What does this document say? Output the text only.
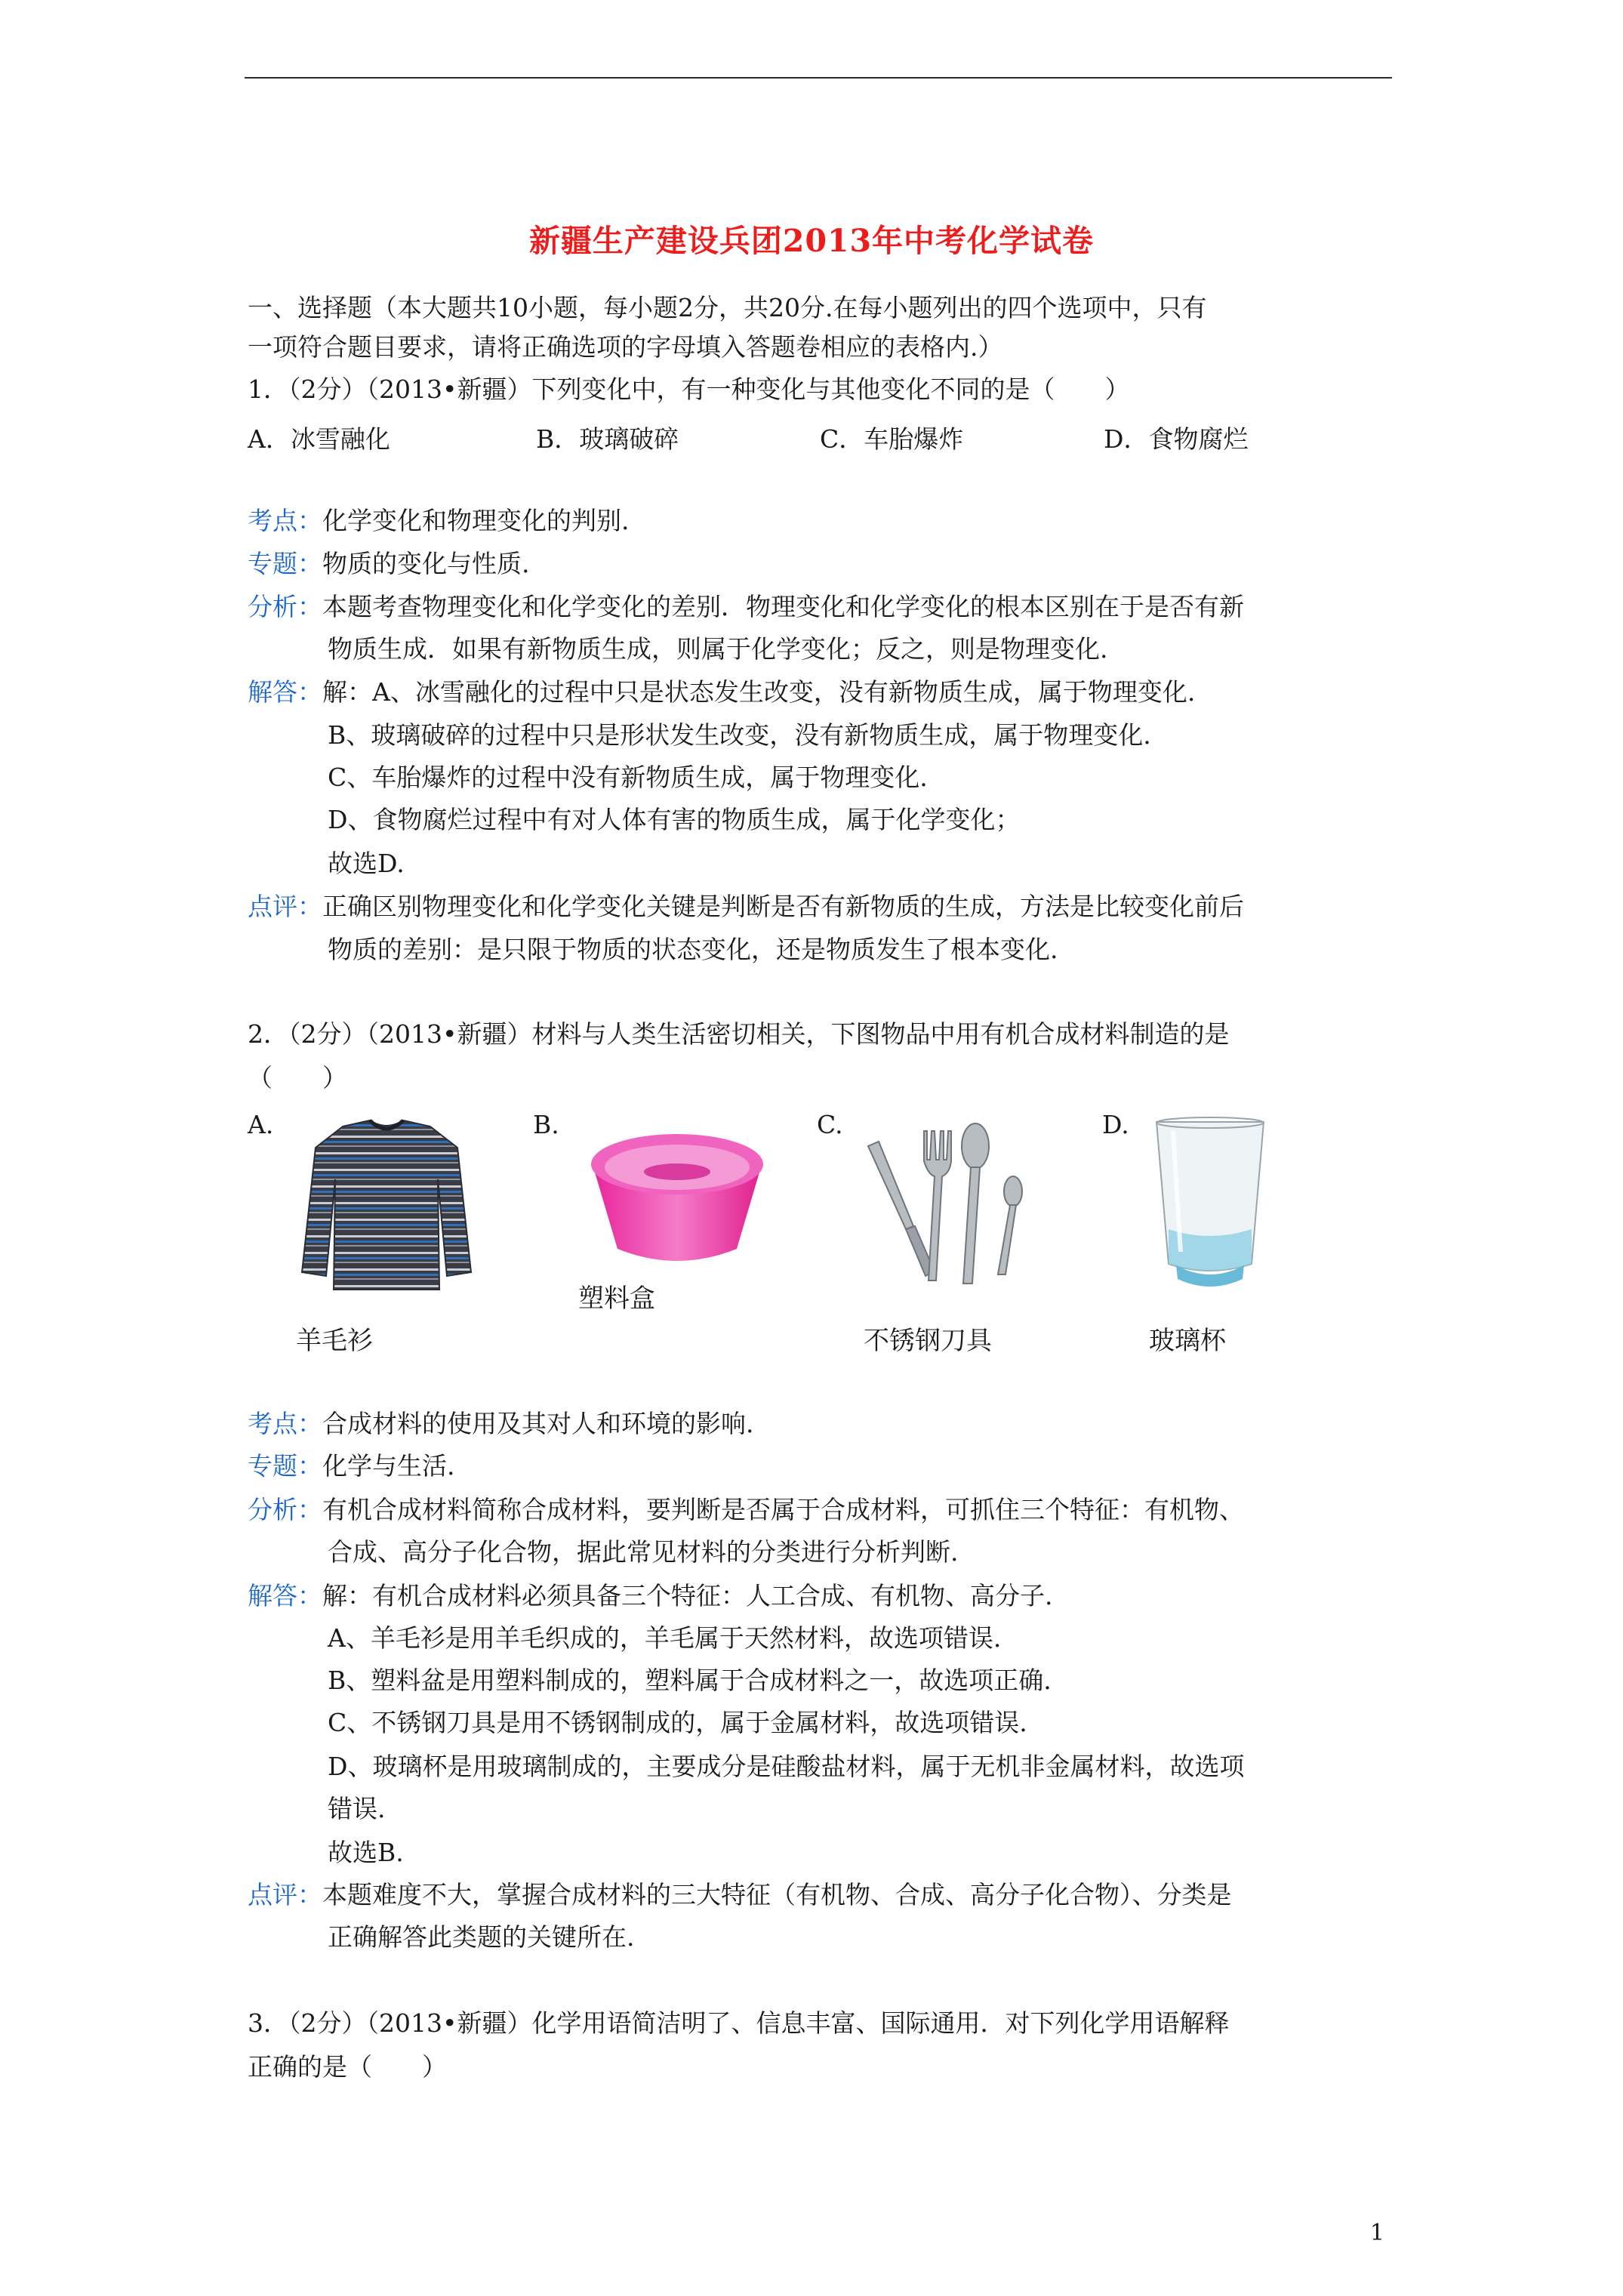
新疆生产建设兵团2013年中考化学试卷
一、选择题（本大题共10小题，每小题2分，共20分.在每小题列出的四个选项中，只有
一项符合题目要求，请将正确选项的字母填入答题卷相应的表格内.）
1．（2分）（2013•新疆）下列变化中，有一种变化与其他变化不同的是（　　）
A．冰雪融化	B．玻璃破碎	C．车胎爆炸	D．食物腐烂
考点：化学变化和物理变化的判别.
专题：物质的变化与性质.
分析：本题考查物理变化和化学变化的差别．物理变化和化学变化的根本区别在于是否有新
物质生成．如果有新物质生成，则属于化学变化；反之，则是物理变化.
解答：解：A、冰雪融化的过程中只是状态发生改变，没有新物质生成，属于物理变化.
B、玻璃破碎的过程中只是形状发生改变，没有新物质生成，属于物理变化.
C、车胎爆炸的过程中没有新物质生成，属于物理变化.
D、食物腐烂过程中有对人体有害的物质生成，属于化学变化；
故选D.
点评：正确区别物理变化和化学变化关键是判断是否有新物质的生成，方法是比较变化前后
物质的差别：是只限于物质的状态变化，还是物质发生了根本变化.
2．（2分）（2013•新疆）材料与人类生活密切相关，下图物品中用有机合成材料制造的是
（　　）
A.	B.	C.	D.
羊毛衫
塑料盒
不锈钢刀具	玻璃杯
考点：合成材料的使用及其对人和环境的影响.
专题：化学与生活.
分析：有机合成材料简称合成材料，要判断是否属于合成材料，可抓住三个特征：有机物、
合成、高分子化合物，据此常见材料的分类进行分析判断.
解答：解：有机合成材料必须具备三个特征：人工合成、有机物、高分子.
A、羊毛衫是用羊毛织成的，羊毛属于天然材料，故选项错误.
B、塑料盆是用塑料制成的，塑料属于合成材料之一，故选项正确.
C、不锈钢刀具是用不锈钢制成的，属于金属材料，故选项错误.
D、玻璃杯是用玻璃制成的，主要成分是硅酸盐材料，属于无机非金属材料，故选项
错误.
故选B.
点评：本题难度不大，掌握合成材料的三大特征（有机物、合成、高分子化合物）、分类是
正确解答此类题的关键所在.
3．（2分）（2013•新疆）化学用语简洁明了、信息丰富、国际通用．对下列化学用语解释
正确的是（　　）
1
